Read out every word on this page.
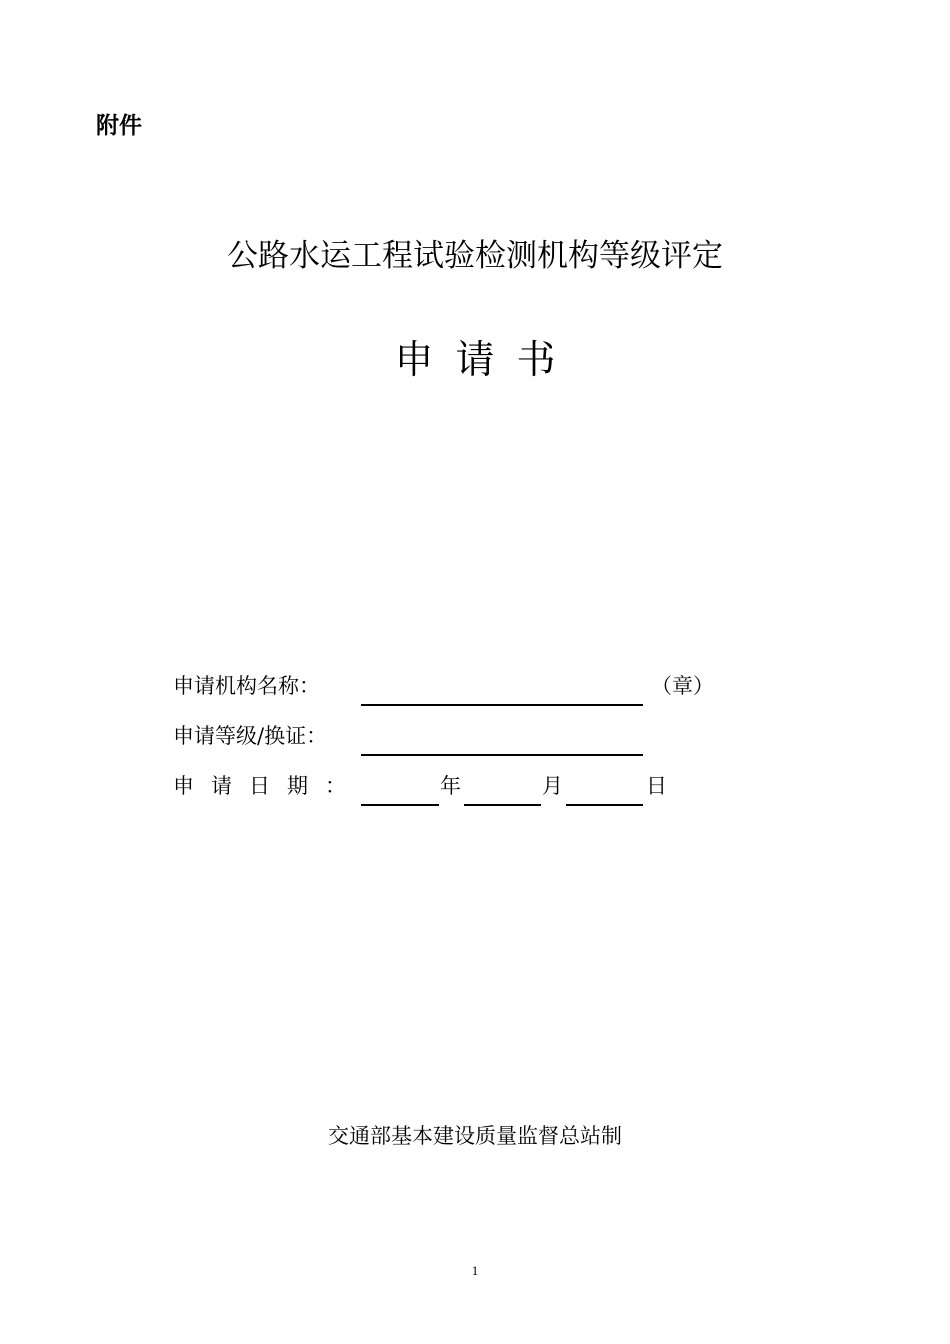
附件
公路水运工程试验检测机构等级评定
申请书
申请机构名称：	（章）
申请等级/换证：
申请日期：	年	月	日
交通部基本建设质量监督总站制
1
